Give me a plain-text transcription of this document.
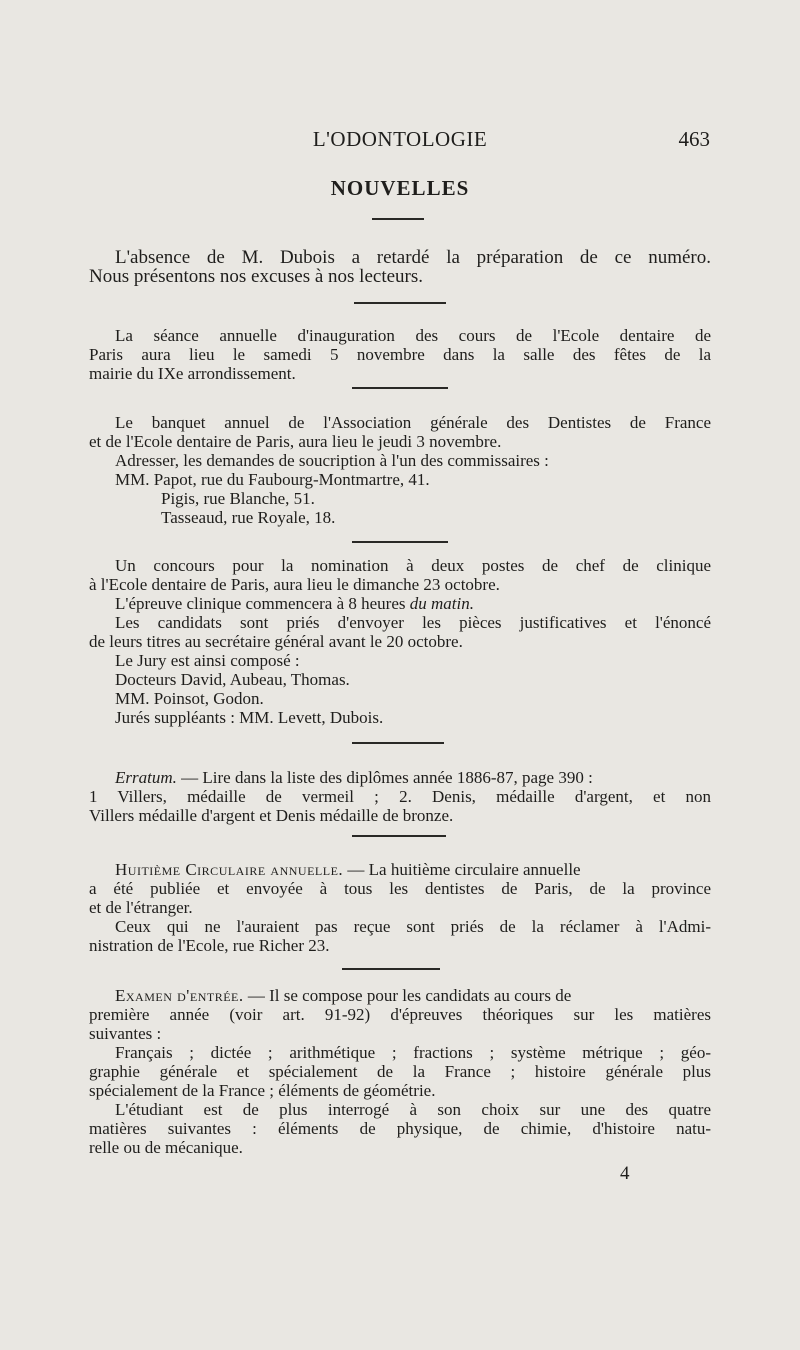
L'ODONTOLOGIE	463
NOUVELLES
L'absence de M. Dubois a retardé la préparation de ce numéro.
Nous présentons nos excuses à nos lecteurs.
La séance annuelle d'inauguration des cours de l'Ecole dentaire de
Paris aura lieu le samedi 5 novembre dans la salle des fêtes de la
mairie du IXe arrondissement.
Le banquet annuel de l'Association générale des Dentistes de France
et de l'Ecole dentaire de Paris, aura lieu le jeudi 3 novembre.
Adresser, les demandes de soucription à l'un des commissaires :
MM. Papot, rue du Faubourg-Montmartre, 41.
Pigis, rue Blanche, 51.
Tasseaud, rue Royale, 18.
Un concours pour la nomination à deux postes de chef de clinique
à l'Ecole dentaire de Paris, aura lieu le dimanche 23 octobre.
L'épreuve clinique commencera à 8 heures du matin.
Les candidats sont priés d'envoyer les pièces justificatives et l'énoncé
de leurs titres au secrétaire général avant le 20 octobre.
Le Jury est ainsi composé :
Docteurs David, Aubeau, Thomas.
MM. Poinsot, Godon.
Jurés suppléants : MM. Levett, Dubois.
Erratum. — Lire dans la liste des diplômes année 1886-87, page 390 :
1 Villers, médaille de vermeil ; 2. Denis, médaille d'argent, et non
Villers médaille d'argent et Denis médaille de bronze.
Huitième Circulaire annuelle. — La huitième circulaire annuelle
a été publiée et envoyée à tous les dentistes de Paris, de la province
et de l'étranger.
Ceux qui ne l'auraient pas reçue sont priés de la réclamer à l'Admi-
nistration de l'Ecole, rue Richer 23.
Examen d'entrée. — Il se compose pour les candidats au cours de
première année (voir art. 91-92) d'épreuves théoriques sur les matières
suivantes :
Français ; dictée ; arithmétique ; fractions ; système métrique ; géo-
graphie générale et spécialement de la France ; histoire générale plus
spécialement de la France ; éléments de géométrie.
L'étudiant est de plus interrogé à son choix sur une des quatre
matières suivantes : éléments de physique, de chimie, d'histoire natu-
relle ou de mécanique.
4
